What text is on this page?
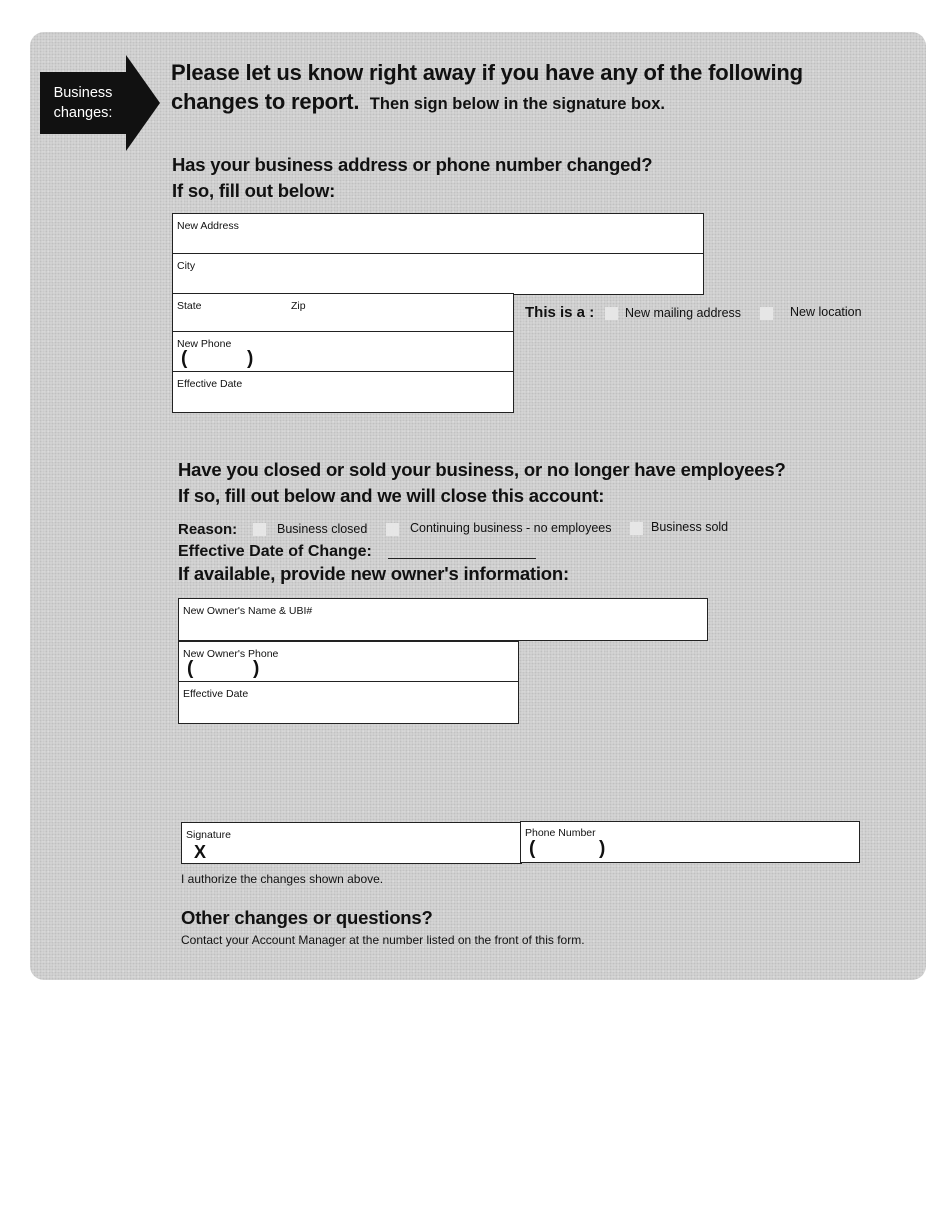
Business
changes:
Please let us know right away if you have any of the following
changes to report. Then sign below in the signature box.
Has your business address or phone number changed?
If so, fill out below:
New Address
City
State	Zip
New Phone
(	)
Effective Date
This is a : New mailing address	New location
Have you closed or sold your business, or no longer have employees?
If so, fill out below and we will close this account:
Reason:	Business closed	Continuing business - no employees	Business sold
Effective Date of Change:
If available, provide new owner's information:
New Owner's Name & UBI#
New Owner's Phone
(	)
Effective Date
Signature
X
Phone Number
(	)
I authorize the changes shown above.
Other changes or questions?
Contact your Account Manager at the number listed on the front of this form.
